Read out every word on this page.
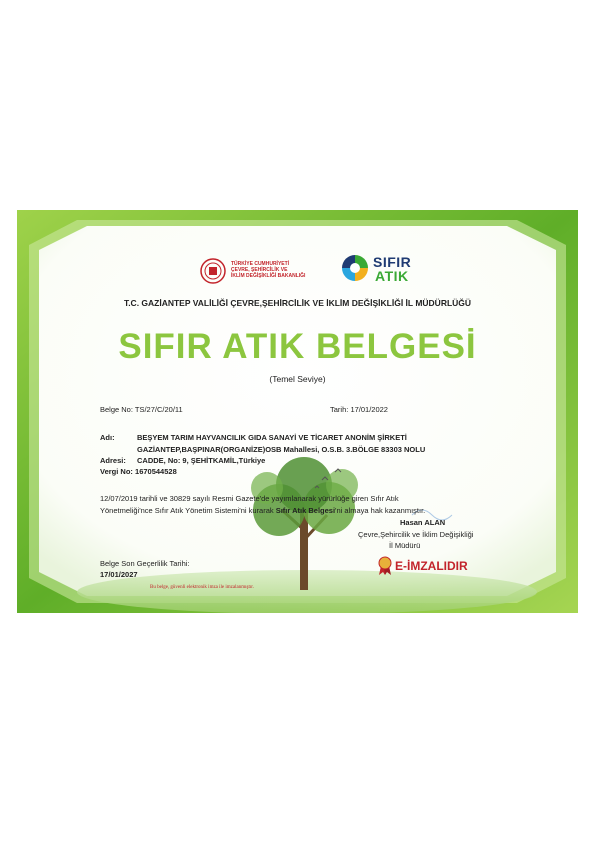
TÜRKİYE CUMHURİYETİ
ÇEVRE, ŞEHİRCİLİK VE
İKLİM DEĞİŞİKLİĞİ BAKANLIĞI
SIFIR
ATIK
T.C. GAZİANTEP VALİLİĞİ ÇEVRE,ŞEHİRCİLİK VE İKLİM DEĞİŞİKLİĞİ İL MÜDÜRLÜĞÜ
SIFIR ATIK BELGESİ
(Temel Seviye)
Belge No: TS/27/C/20/11	Tarih: 17/01/2022
Adı:	BEŞYEM TARIM HAYVANCILIK GIDA SANAYİ VE TİCARET ANONİM ŞİRKETİ
GAZİANTEP,BAŞPINAR(ORGANİZE)OSB Mahallesi, O.S.B. 3.BÖLGE 83303 NOLU
Adresi: CADDE, No: 9, ŞEHİTKAMİL,Türkiye
Vergi No: 1670544528
12/07/2019 tarihli ve 30829 sayılı Resmi Gazete'de yayımlanarak yürürlüğe giren Sıfır Atık
Yönetmeliği'nce Sıfır Atık Yönetim Sistemi'ni kurarak Sıfır Atık Belgesi'ni almaya hak kazanmıştır.
Hasan ALAN
Çevre,Şehircilik ve İklim Değişikliği
İl Müdürü
E-İMZALIDIR
Belge Son Geçerlilik Tarihi:
17/01/2027
Bu belge, güvenli elektronik imza ile imzalanmıştır.
